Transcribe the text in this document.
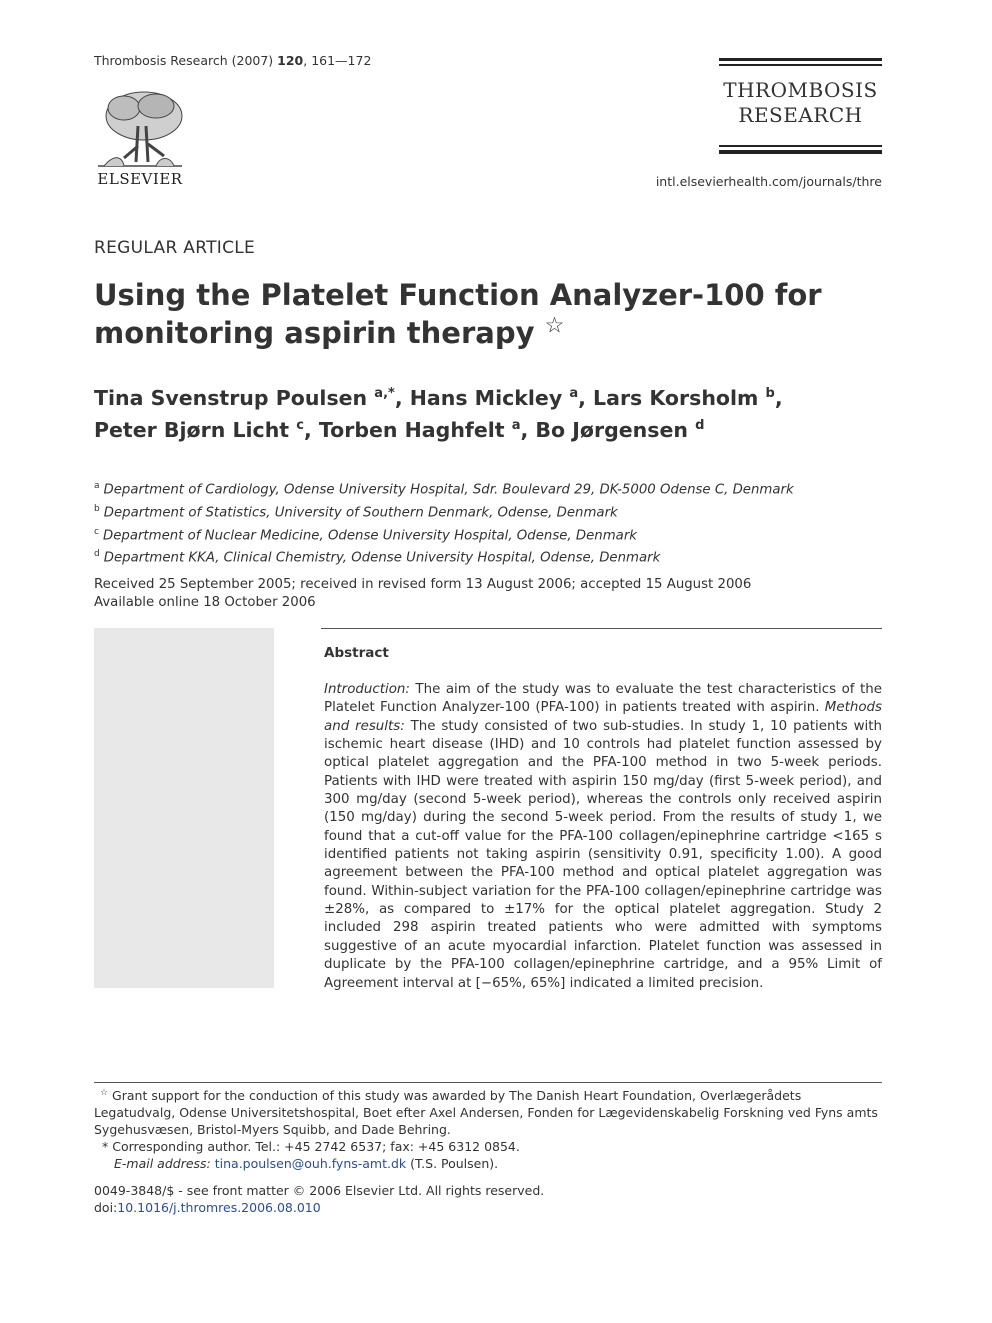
Thrombosis Research (2007) 120, 161—172
ELSEVIER
THROMBOSIS
RESEARCH
intl.elsevierhealth.com/journals/thre
REGULAR ARTICLE
Using the Platelet Function Analyzer-100 for
monitoring aspirin therapy ☆
Tina Svenstrup Poulsen $^{a,*}$, Hans Mickley $^a$, Lars Korsholm $^b$,
Peter Bjørn Licht $^c$, Torben Haghfelt $^a$, Bo Jørgensen $^d$
$^a$ Department of Cardiology, Odense University Hospital, Sdr. Boulevard 29, DK-5000 Odense C, Denmark
$^b$ Department of Statistics, University of Southern Denmark, Odense, Denmark
$^c$ Department of Nuclear Medicine, Odense University Hospital, Odense, Denmark
$^d$ Department KKA, Clinical Chemistry, Odense University Hospital, Odense, Denmark
Received 25 September 2005; received in revised form 13 August 2006; accepted 15 August 2006
Available online 18 October 2006
Abstract
Introduction: The aim of the study was to evaluate the test characteristics of the Platelet Function Analyzer-100 (PFA-100) in patients treated with aspirin. Methods and results: The study consisted of two sub-studies. In study 1, 10 patients with ischemic heart disease (IHD) and 10 controls had platelet function assessed by optical platelet aggregation and the PFA-100 method in two 5-week periods. Patients with IHD were treated with aspirin 150 mg/day (first 5-week period), and 300 mg/day (second 5-week period), whereas the controls only received aspirin (150 mg/day) during the second 5-week period. From the results of study 1, we found that a cut-off value for the PFA-100 collagen/epinephrine cartridge <165 s identified patients not taking aspirin (sensitivity 0.91, specificity 1.00). A good agreement between the PFA-100 method and optical platelet aggregation was found. Within-subject variation for the PFA-100 collagen/epinephrine cartridge was ±28%, as compared to ±17% for the optical platelet aggregation. Study 2 included 298 aspirin treated patients who were admitted with symptoms suggestive of an acute myocardial infarction. Platelet function was assessed in duplicate by the PFA-100 collagen/epinephrine cartridge, and a 95% Limit of Agreement interval at [−65%, 65%] indicated a limited precision.
☆ Grant support for the conduction of this study was awarded by The Danish Heart Foundation, Overlægerådets Legatudvalg, Odense Universitetshospital, Boet efter Axel Andersen, Fonden for Lægevidenskabelig Forskning ved Fyns amts Sygehusvæsen, Bristol-Myers Squibb, and Dade Behring.
* Corresponding author. Tel.: +45 2742 6537; fax: +45 6312 0854.
E-mail address: tina.poulsen@ouh.fyns-amt.dk (T.S. Poulsen).
0049-3848/$ - see front matter © 2006 Elsevier Ltd. All rights reserved.
doi:10.1016/j.thromres.2006.08.010
